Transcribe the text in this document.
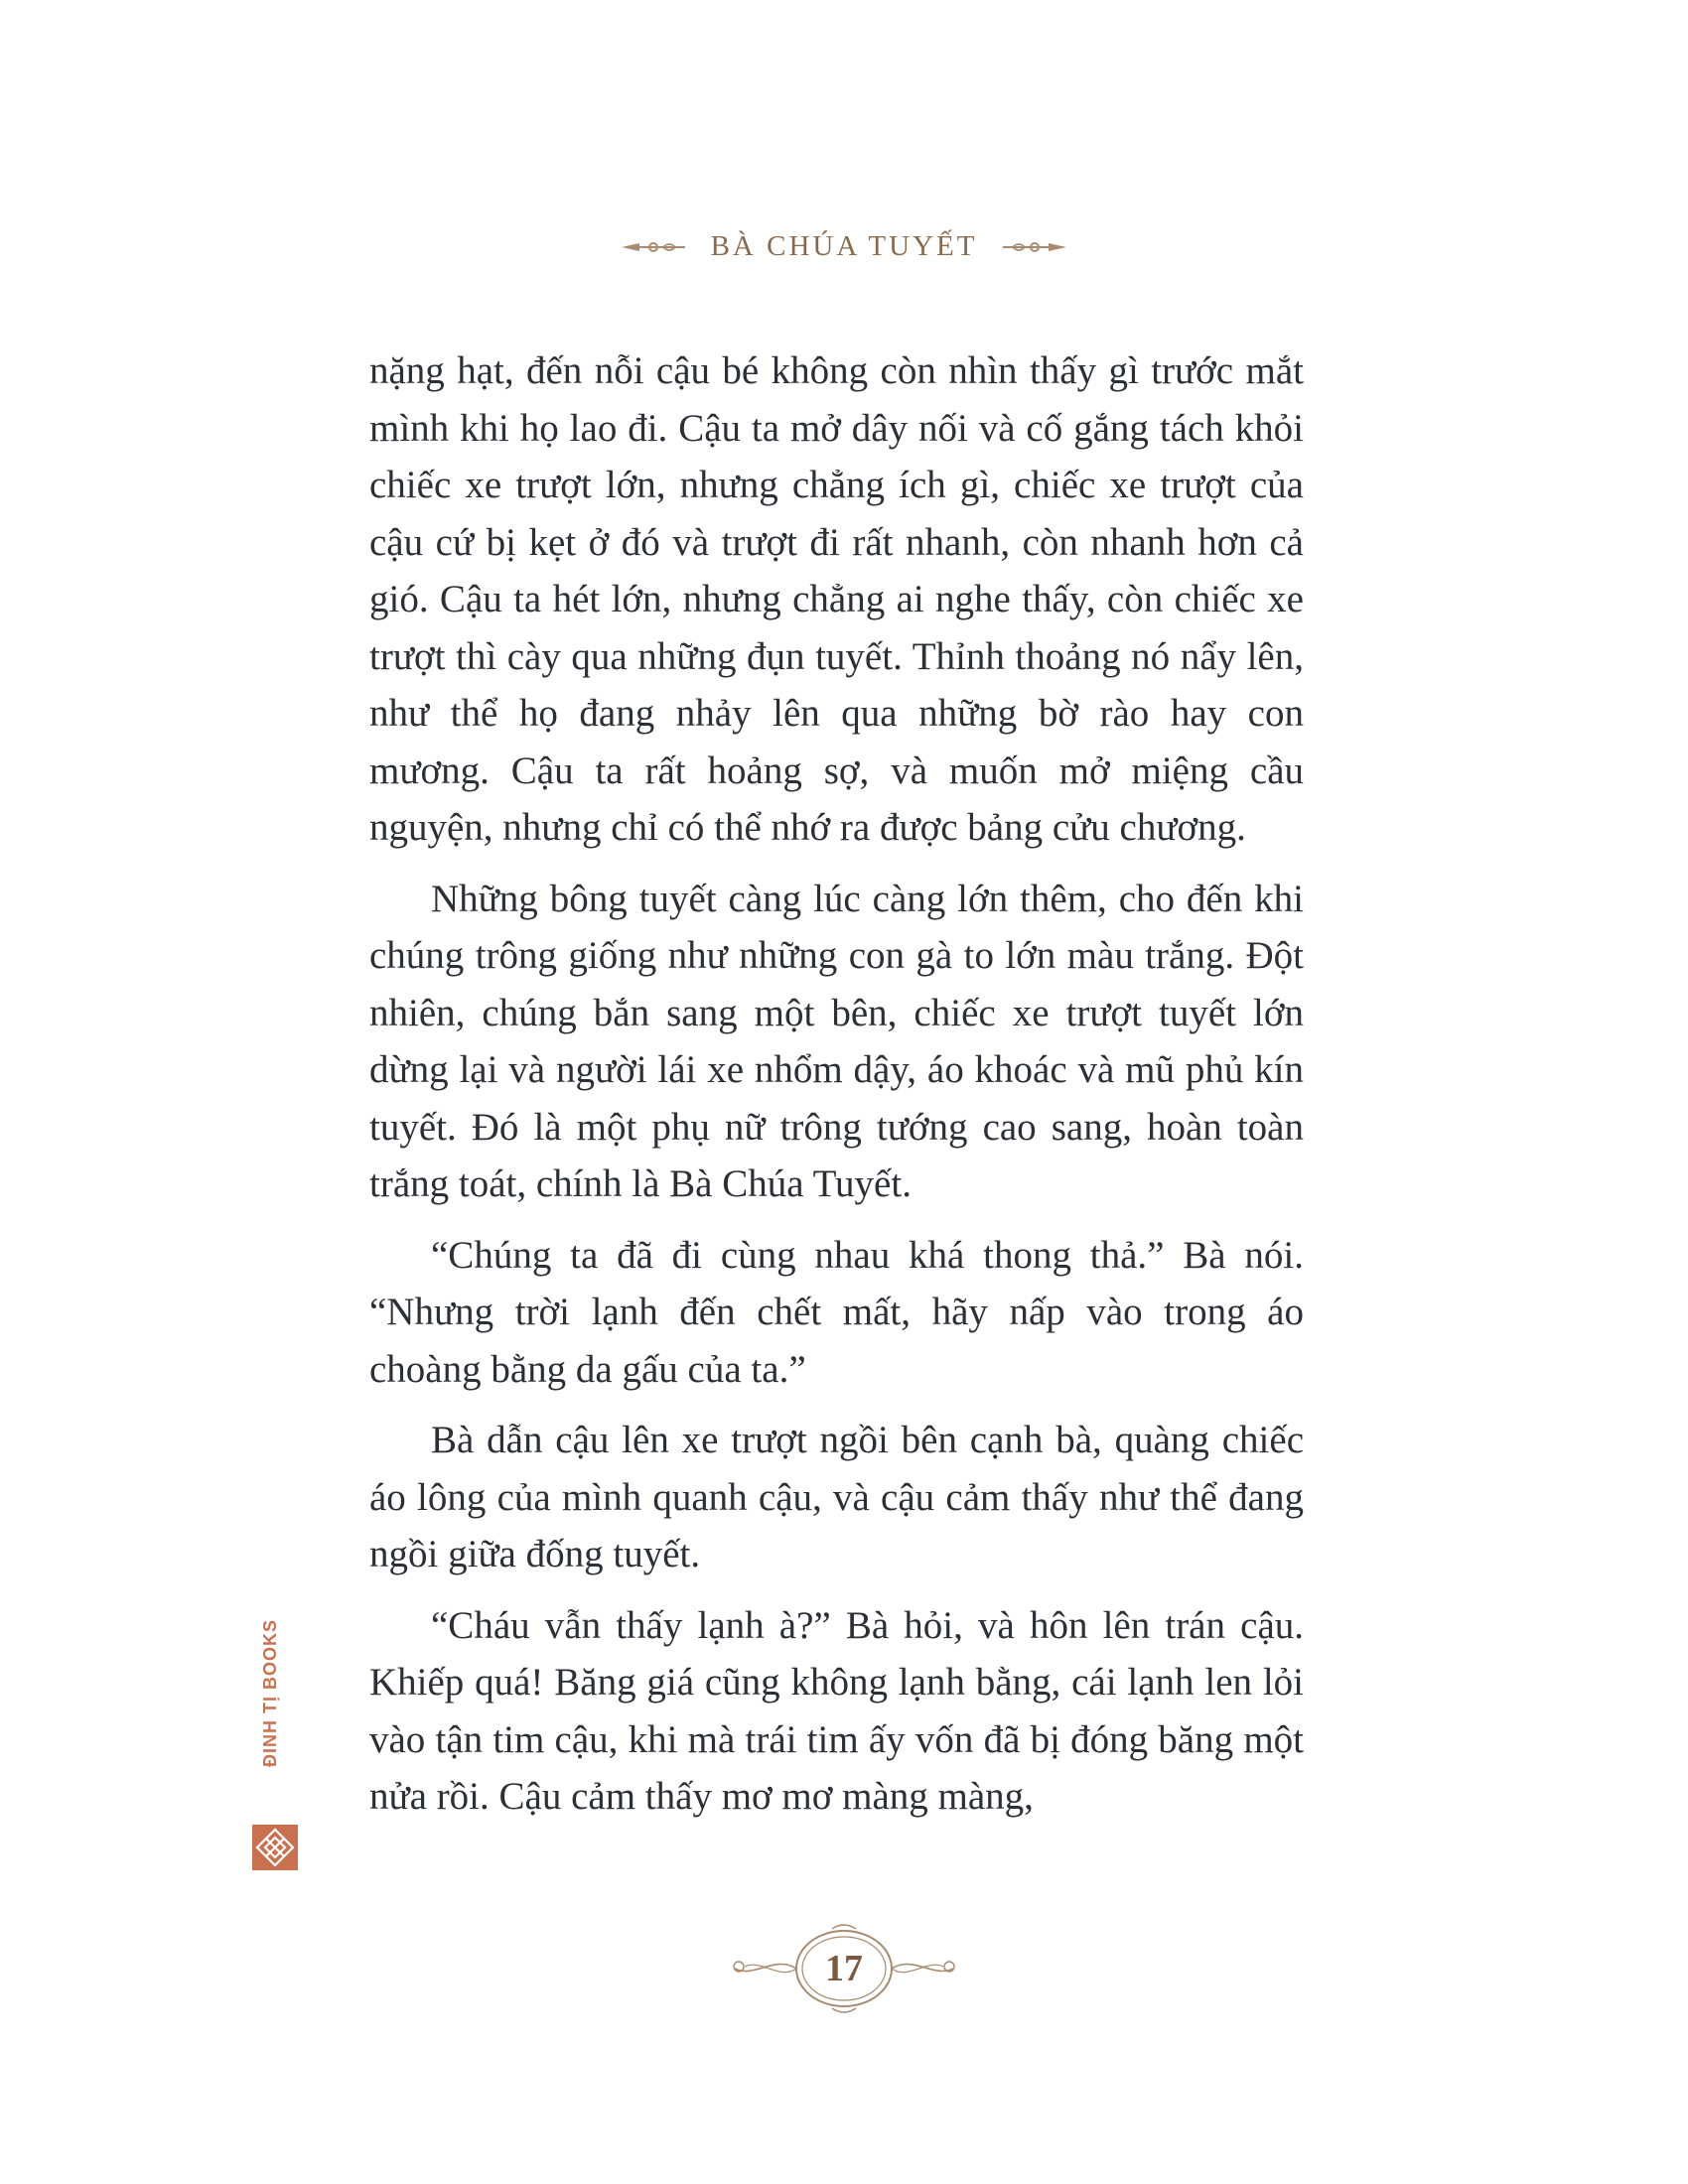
BÀ CHÚA TUYẾT

nặng hạt, đến nỗi cậu bé không còn nhìn thấy gì trước mắt mình khi họ lao đi. Cậu ta mở dây nối và cố gắng tách khỏi chiếc xe trượt lớn, nhưng chẳng ích gì, chiếc xe trượt của cậu cứ bị kẹt ở đó và trượt đi rất nhanh, còn nhanh hơn cả gió. Cậu ta hét lớn, nhưng chẳng ai nghe thấy, còn chiếc xe trượt thì cày qua những đụn tuyết. Thỉnh thoảng nó nẩy lên, như thể họ đang nhảy lên qua những bờ rào hay con mương. Cậu ta rất hoảng sợ, và muốn mở miệng cầu nguyện, nhưng chỉ có thể nhớ ra được bảng cửu chương.

Những bông tuyết càng lúc càng lớn thêm, cho đến khi chúng trông giống như những con gà to lớn màu trắng. Đột nhiên, chúng bắn sang một bên, chiếc xe trượt tuyết lớn dừng lại và người lái xe nhổm dậy, áo khoác và mũ phủ kín tuyết. Đó là một phụ nữ trông tướng cao sang, hoàn toàn trắng toát, chính là Bà Chúa Tuyết.

“Chúng ta đã đi cùng nhau khá thong thả.” Bà nói. “Nhưng trời lạnh đến chết mất, hãy nấp vào trong áo choàng bằng da gấu của ta.”

Bà dẫn cậu lên xe trượt ngồi bên cạnh bà, quàng chiếc áo lông của mình quanh cậu, và cậu cảm thấy như thể đang ngồi giữa đống tuyết.

“Cháu vẫn thấy lạnh à?” Bà hỏi, và hôn lên trán cậu. Khiếp quá! Băng giá cũng không lạnh bằng, cái lạnh len lỏi vào tận tim cậu, khi mà trái tim ấy vốn đã bị đóng băng một nửa rồi. Cậu cảm thấy mơ mơ màng màng,

ĐINH TỊ BOOKS
17
